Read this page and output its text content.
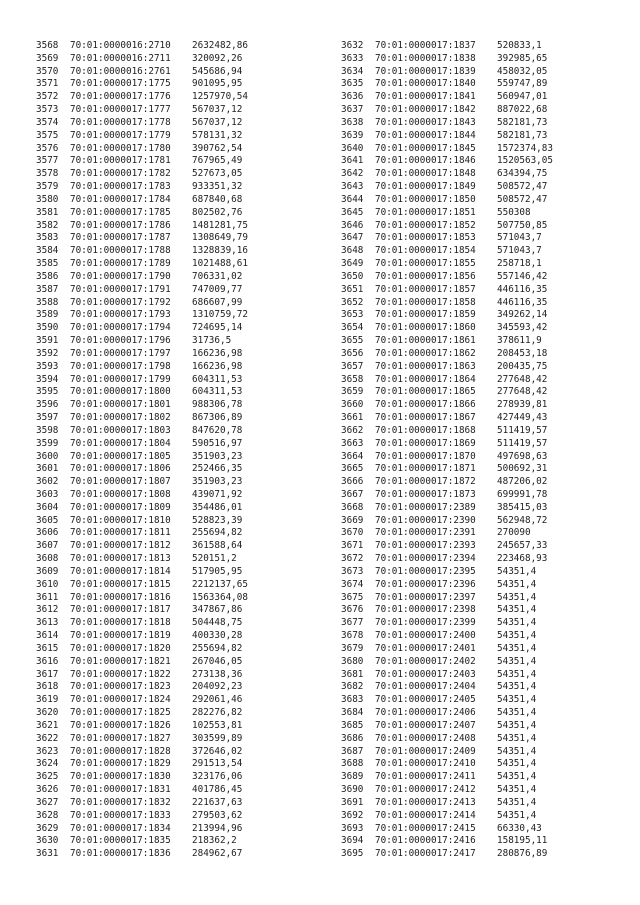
3568 70:01:0000016:2710 2632482,86
3569 70:01:0000016:2711 320092,26
3570 70:01:0000016:2761 545686,94
3571 70:01:0000017:1775 901095,95
3572 70:01:0000017:1776 1257970,54
3573 70:01:0000017:1777 567037,12
3574 70:01:0000017:1778 567037,12
3575 70:01:0000017:1779 578131,32
3576 70:01:0000017:1780 390762,54
3577 70:01:0000017:1781 767965,49
3578 70:01:0000017:1782 527673,05
3579 70:01:0000017:1783 933351,32
3580 70:01:0000017:1784 687840,68
3581 70:01:0000017:1785 802502,76
3582 70:01:0000017:1786 1481281,75
3583 70:01:0000017:1787 1308649,79
3584 70:01:0000017:1788 1328839,16
3585 70:01:0000017:1789 1021488,61
3586 70:01:0000017:1790 706331,02
3587 70:01:0000017:1791 747009,77
3588 70:01:0000017:1792 686607,99
3589 70:01:0000017:1793 1310759,72
3590 70:01:0000017:1794 724695,14
3591 70:01:0000017:1796 31736,5
3592 70:01:0000017:1797 166236,98
3593 70:01:0000017:1798 166236,98
3594 70:01:0000017:1799 604311,53
3595 70:01:0000017:1800 604311,53
3596 70:01:0000017:1801 988306,78
3597 70:01:0000017:1802 867306,89
3598 70:01:0000017:1803 847620,78
3599 70:01:0000017:1804 590516,97
3600 70:01:0000017:1805 351903,23
3601 70:01:0000017:1806 252466,35
3602 70:01:0000017:1807 351903,23
3603 70:01:0000017:1808 439071,92
3604 70:01:0000017:1809 354486,01
3605 70:01:0000017:1810 528823,39
3606 70:01:0000017:1811 255694,82
3607 70:01:0000017:1812 361588,64
3608 70:01:0000017:1813 520151,2
3609 70:01:0000017:1814 517905,95
3610 70:01:0000017:1815 2212137,65
3611 70:01:0000017:1816 1563364,08
3612 70:01:0000017:1817 347867,86
3613 70:01:0000017:1818 504448,75
3614 70:01:0000017:1819 400330,28
3615 70:01:0000017:1820 255694,82
3616 70:01:0000017:1821 267046,05
3617 70:01:0000017:1822 273138,36
3618 70:01:0000017:1823 204092,23
3619 70:01:0000017:1824 292061,46
3620 70:01:0000017:1825 282276,82
3621 70:01:0000017:1826 102553,81
3622 70:01:0000017:1827 303599,89
3623 70:01:0000017:1828 372646,02
3624 70:01:0000017:1829 291513,54
3625 70:01:0000017:1830 323176,06
3626 70:01:0000017:1831 401786,45
3627 70:01:0000017:1832 221637,63
3628 70:01:0000017:1833 279503,62
3629 70:01:0000017:1834 213994,96
3630 70:01:0000017:1835 218362,2
3631 70:01:0000017:1836 284962,67
3632 70:01:0000017:1837 520833,1
3633 70:01:0000017:1838 392985,65
3634 70:01:0000017:1839 458032,05
3635 70:01:0000017:1840 559747,89
3636 70:01:0000017:1841 560947,01
3637 70:01:0000017:1842 887022,68
3638 70:01:0000017:1843 582181,73
3639 70:01:0000017:1844 582181,73
3640 70:01:0000017:1845 1572374,83
3641 70:01:0000017:1846 1520563,05
3642 70:01:0000017:1848 634394,75
3643 70:01:0000017:1849 508572,47
3644 70:01:0000017:1850 508572,47
3645 70:01:0000017:1851 550308
3646 70:01:0000017:1852 507750,85
3647 70:01:0000017:1853 571043,7
3648 70:01:0000017:1854 571043,7
3649 70:01:0000017:1855 258718,1
3650 70:01:0000017:1856 557146,42
3651 70:01:0000017:1857 446116,35
3652 70:01:0000017:1858 446116,35
3653 70:01:0000017:1859 349262,14
3654 70:01:0000017:1860 345593,42
3655 70:01:0000017:1861 378611,9
3656 70:01:0000017:1862 208453,18
3657 70:01:0000017:1863 200435,75
3658 70:01:0000017:1864 277648,42
3659 70:01:0000017:1865 277648,42
3660 70:01:0000017:1866 278939,81
3661 70:01:0000017:1867 427449,43
3662 70:01:0000017:1868 511419,57
3663 70:01:0000017:1869 511419,57
3664 70:01:0000017:1870 497698,63
3665 70:01:0000017:1871 500692,31
3666 70:01:0000017:1872 487206,02
3667 70:01:0000017:1873 699991,78
3668 70:01:0000017:2389 385415,03
3669 70:01:0000017:2390 562948,72
3670 70:01:0000017:2391 270090
3671 70:01:0000017:2393 245657,33
3672 70:01:0000017:2394 223468,93
3673 70:01:0000017:2395 54351,4
3674 70:01:0000017:2396 54351,4
3675 70:01:0000017:2397 54351,4
3676 70:01:0000017:2398 54351,4
3677 70:01:0000017:2399 54351,4
3678 70:01:0000017:2400 54351,4
3679 70:01:0000017:2401 54351,4
3680 70:01:0000017:2402 54351,4
3681 70:01:0000017:2403 54351,4
3682 70:01:0000017:2404 54351,4
3683 70:01:0000017:2405 54351,4
3684 70:01:0000017:2406 54351,4
3685 70:01:0000017:2407 54351,4
3686 70:01:0000017:2408 54351,4
3687 70:01:0000017:2409 54351,4
3688 70:01:0000017:2410 54351,4
3689 70:01:0000017:2411 54351,4
3690 70:01:0000017:2412 54351,4
3691 70:01:0000017:2413 54351,4
3692 70:01:0000017:2414 54351,4
3693 70:01:0000017:2415 66330,43
3694 70:01:0000017:2416 158195,11
3695 70:01:0000017:2417 280876,89
